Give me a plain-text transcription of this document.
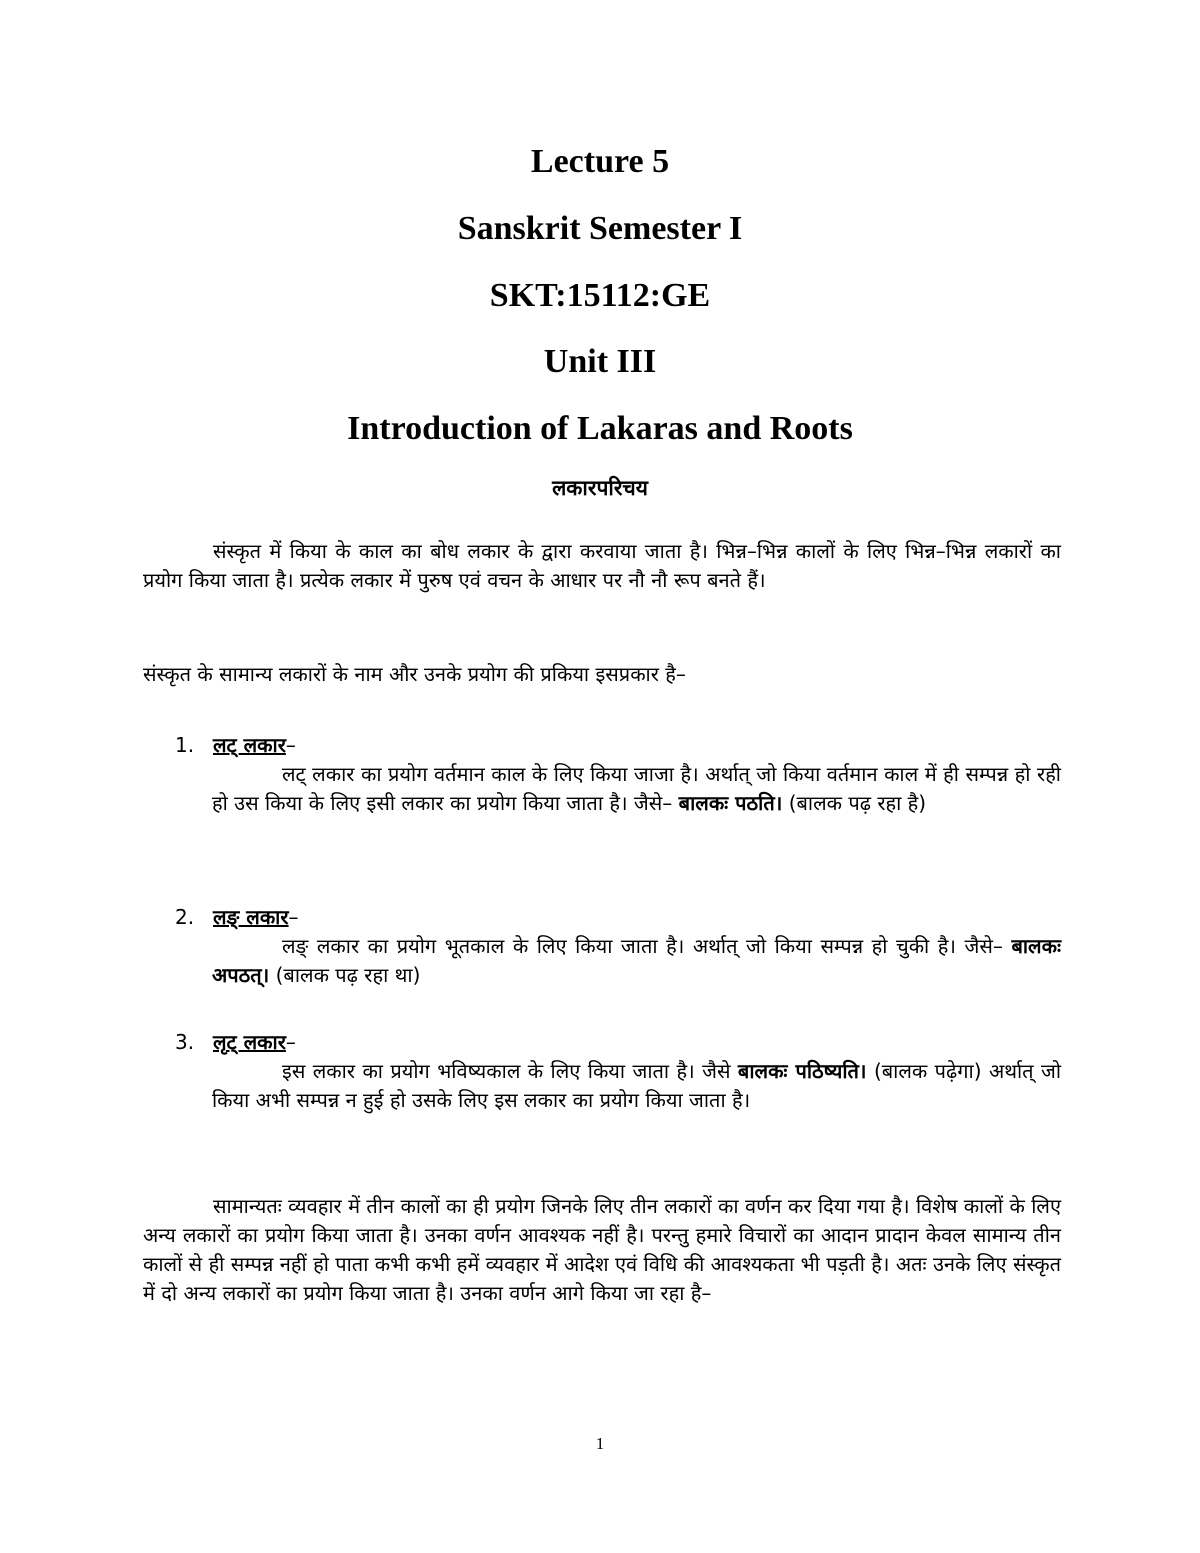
Lecture 5
Sanskrit Semester I
SKT:15112:GE
Unit III
Introduction of Lakaras and Roots
लकारपरिचय

संस्कृत में किया के काल का बोध लकार के द्वारा करवाया जाता है। भिन्न–भिन्न कालों के लिए भिन्न–भिन्न लकारों का प्रयोग किया जाता है। प्रत्येक लकार में पुरुष एवं वचन के आधार पर नौ नौ रूप बनते हैं।

संस्कृत के सामान्य लकारों के नाम और उनके प्रयोग की प्रकिया इसप्रकार है–

1. लट् लकार–

लट् लकार का प्रयोग वर्तमान काल के लिए किया जाजा है। अर्थात् जो किया वर्तमान काल में ही सम्पन्न हो रही हो उस किया के लिए इसी लकार का प्रयोग किया जाता है। जैसे– बालकः पठति। (बालक पढ़ रहा है)

2. लङ् लकार–

लङ् लकार का प्रयोग भूतकाल के लिए किया जाता है। अर्थात् जो किया सम्पन्न हो चुकी है। जैसे– बालकः अपठत्। (बालक पढ़ रहा था)

3. लृट् लकार–

इस लकार का प्रयोग भविष्यकाल के लिए किया जाता है। जैसे बालकः पठिष्यति। (बालक पढ़ेगा) अर्थात् जो किया अभी सम्पन्न न हुई हो उसके लिए इस लकार का प्रयोग किया जाता है।

सामान्यतः व्यवहार में तीन कालों का ही प्रयोग जिनके लिए तीन लकारों का वर्णन कर दिया गया है। विशेष कालों के लिए अन्य लकारों का प्रयोग किया जाता है। उनका वर्णन आवश्यक नहीं है। परन्तु हमारे विचारों का आदान प्रादान केवल सामान्य तीन कालों से ही सम्पन्न नहीं हो पाता कभी कभी हमें व्यवहार में आदेश एवं विधि की आवश्यकता भी पड़ती है। अतः उनके लिए संस्कृत में दो अन्य लकारों का प्रयोग किया जाता है। उनका वर्णन आगे किया जा रहा है–

1
